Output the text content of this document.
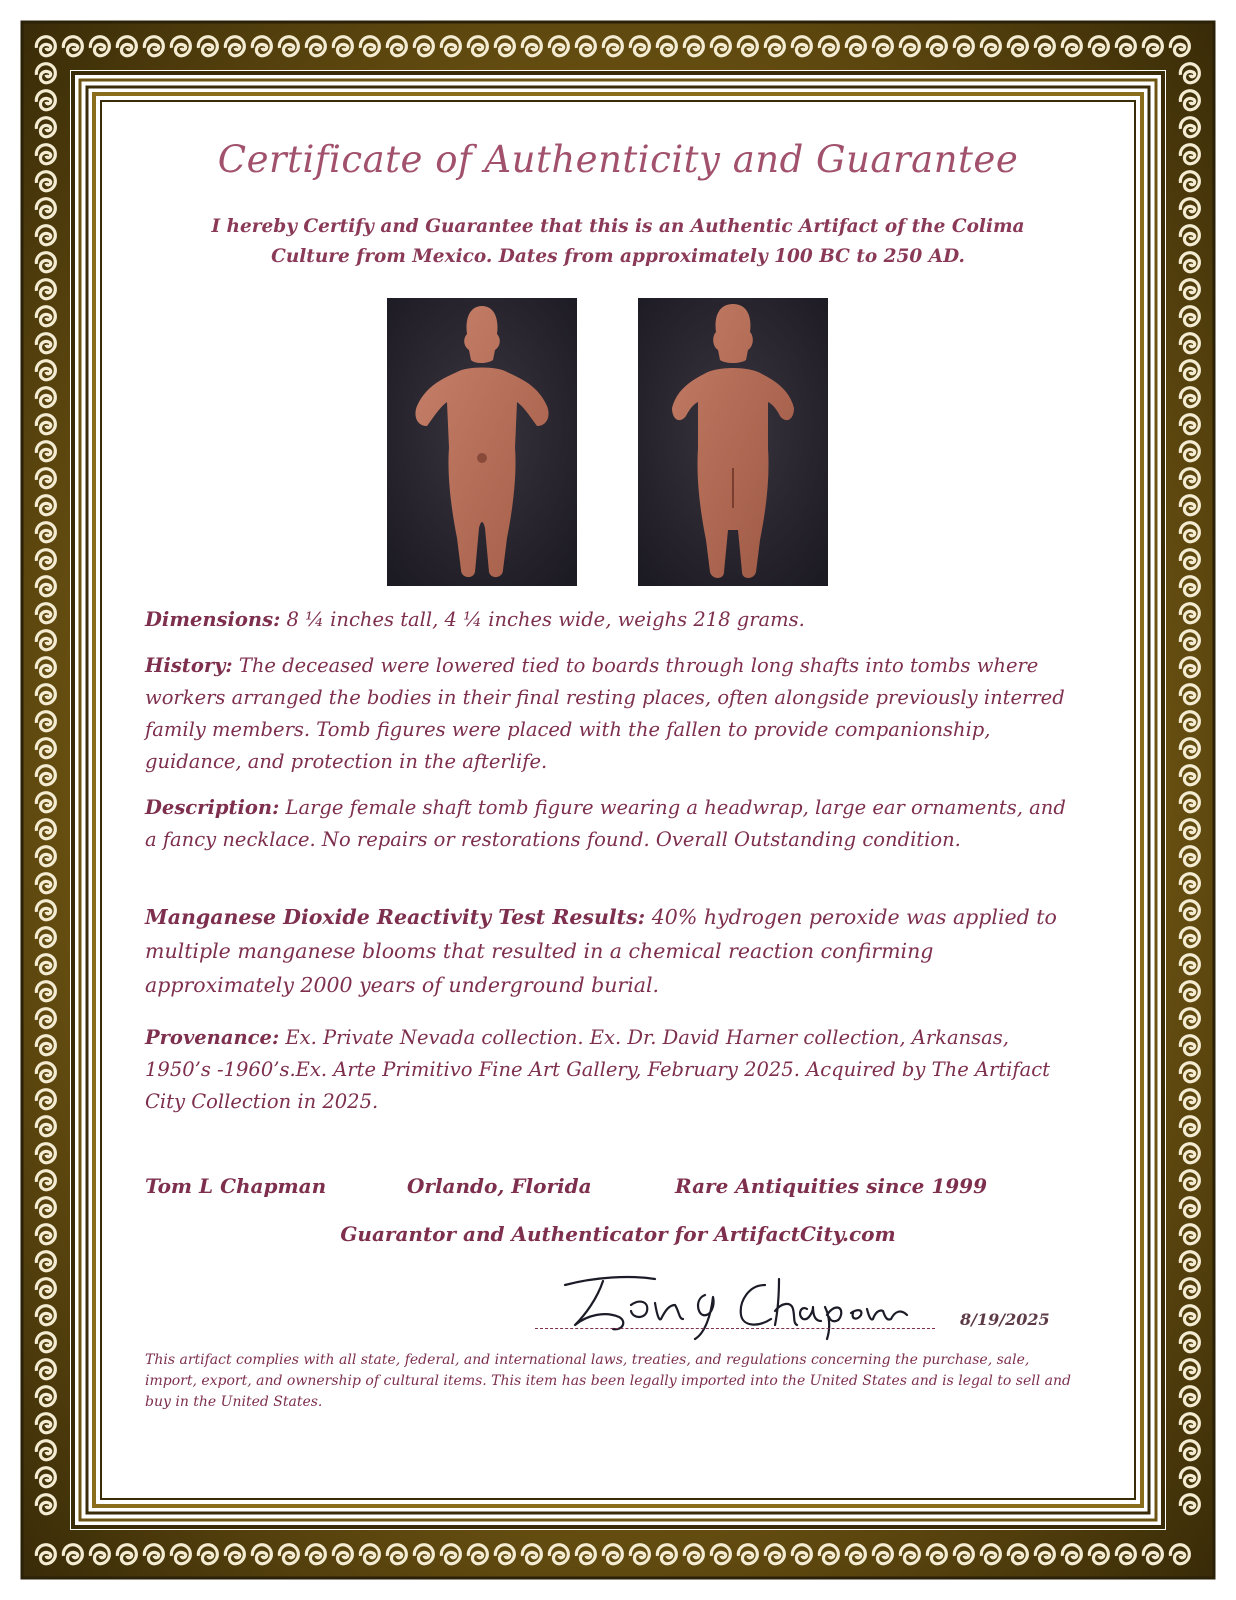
Certificate of Authenticity and Guarantee

I hereby Certify and Guarantee that this is an Authentic Artifact of the Colima
Culture from Mexico. Dates from approximately 100 BC to 250 AD.

Dimensions: 8 ¼ inches tall, 4 ¼ inches wide, weighs 218 grams.

History: The deceased were lowered tied to boards through long shafts into tombs where workers arranged the bodies in their final resting places, often alongside previously interred family members. Tomb figures were placed with the fallen to provide companionship, guidance, and protection in the afterlife.

Description: Large female shaft tomb figure wearing a headwrap, large ear ornaments, and a fancy necklace. No repairs or restorations found. Overall Outstanding condition.

Manganese Dioxide Reactivity Test Results: 40% hydrogen peroxide was applied to multiple manganese blooms that resulted in a chemical reaction confirming approximately 2000 years of underground burial.

Provenance: Ex. Private Nevada collection. Ex. Dr. David Harner collection, Arkansas, 1950’s -1960’s.Ex. Arte Primitivo Fine Art Gallery, February 2025. Acquired by The Artifact City Collection in 2025.

Tom L Chapman	Orlando, Florida	Rare Antiquities since 1999
Guarantor and Authenticator for ArtifactCity.com
8/19/2025

This artifact complies with all state, federal, and international laws, treaties, and regulations concerning the purchase, sale, import, export, and ownership of cultural items. This item has been legally imported into the United States and is legal to sell and buy in the United States.
